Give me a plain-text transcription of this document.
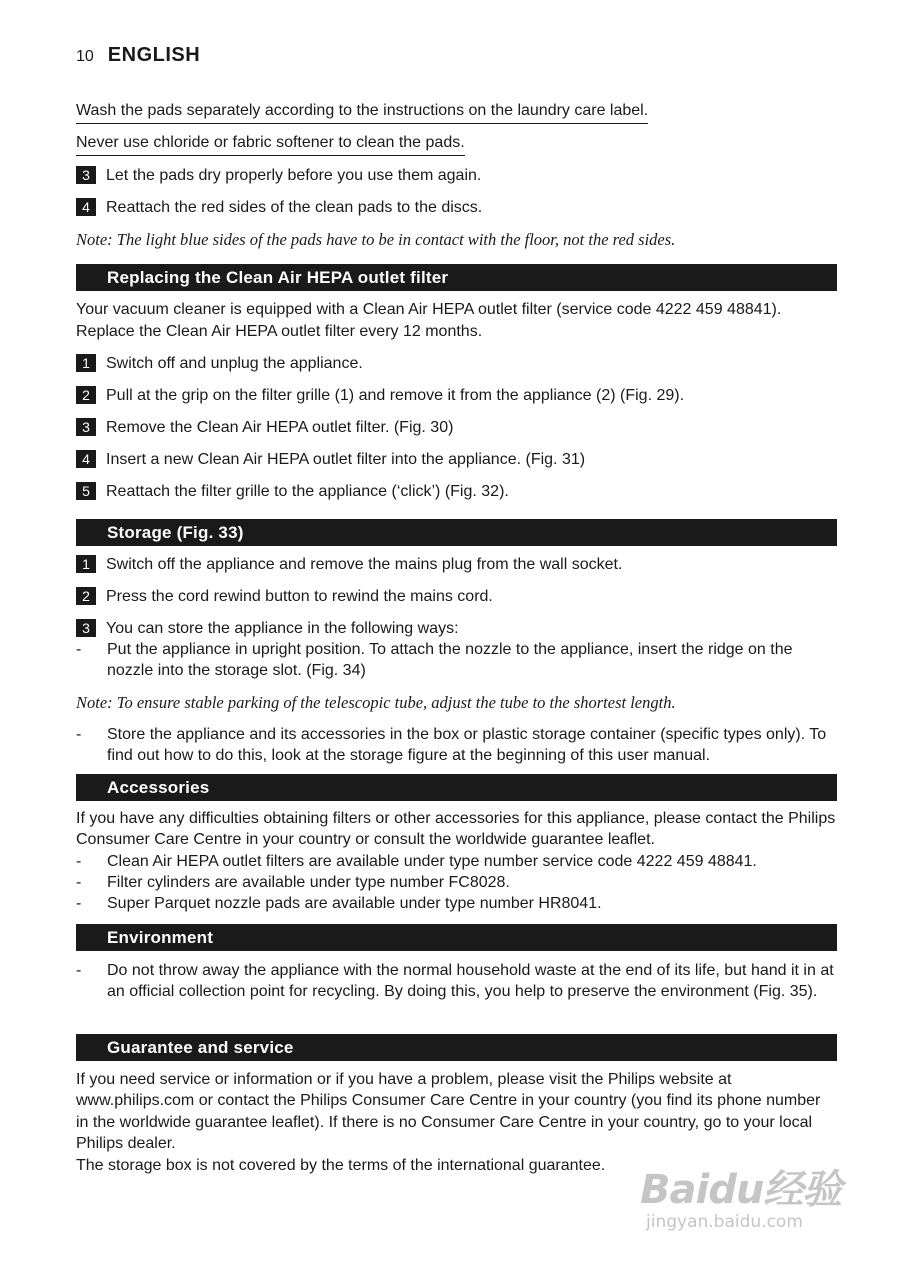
10 ENGLISH
Wash the pads separately according to the instructions on the laundry care label.
Never use chloride or fabric softener to clean the pads.
3	Let the pads dry properly before you use them again.
4	Reattach the red sides of the clean pads to the discs.
Note: The light blue sides of the pads have to be in contact with the floor, not the red sides.
Replacing the Clean Air HEPA outlet filter
Your vacuum cleaner is equipped with a Clean Air HEPA outlet filter (service code 4222 459 48841).
Replace the Clean Air HEPA outlet filter every 12 months.
1	Switch off and unplug the appliance.
2	Pull at the grip on the filter grille (1) and remove it from the appliance (2) (Fig. 29).
3	Remove the Clean Air HEPA outlet filter. (Fig. 30)
4	Insert a new Clean Air HEPA outlet filter into the appliance. (Fig. 31)
5	Reattach the filter grille to the appliance (‘click’) (Fig. 32).
Storage (Fig. 33)
1	Switch off the appliance and remove the mains plug from the wall socket.
2	Press the cord rewind button to rewind the mains cord.
3	You can store the appliance in the following ways:
-	Put the appliance in upright position. To attach the nozzle to the appliance, insert the ridge on the nozzle into the storage slot. (Fig. 34)
Note: To ensure stable parking of the telescopic tube, adjust the tube to the shortest length.
-	Store the appliance and its accessories in the box or plastic storage container (specific types only). To find out how to do this, look at the storage figure at the beginning of this user manual.
Accessories
If you have any difficulties obtaining filters or other accessories for this appliance, please contact the Philips Consumer Care Centre in your country or consult the worldwide guarantee leaflet.
-	Clean Air HEPA outlet filters are available under type number service code 4222 459 48841.
-	Filter cylinders are available under type number FC8028.
-	Super Parquet nozzle pads are available under type number HR8041.
Environment
-	Do not throw away the appliance with the normal household waste at the end of its life, but hand it in at an official collection point for recycling. By doing this, you help to preserve the environment (Fig. 35).
Guarantee and service
If you need service or information or if you have a problem, please visit the Philips website at www.philips.com or contact the Philips Consumer Care Centre in your country (you find its phone number in the worldwide guarantee leaflet). If there is no Consumer Care Centre in your country, go to your local Philips dealer.
The storage box is not covered by the terms of the international guarantee.
Baidu经验
jingyan.baidu.com
